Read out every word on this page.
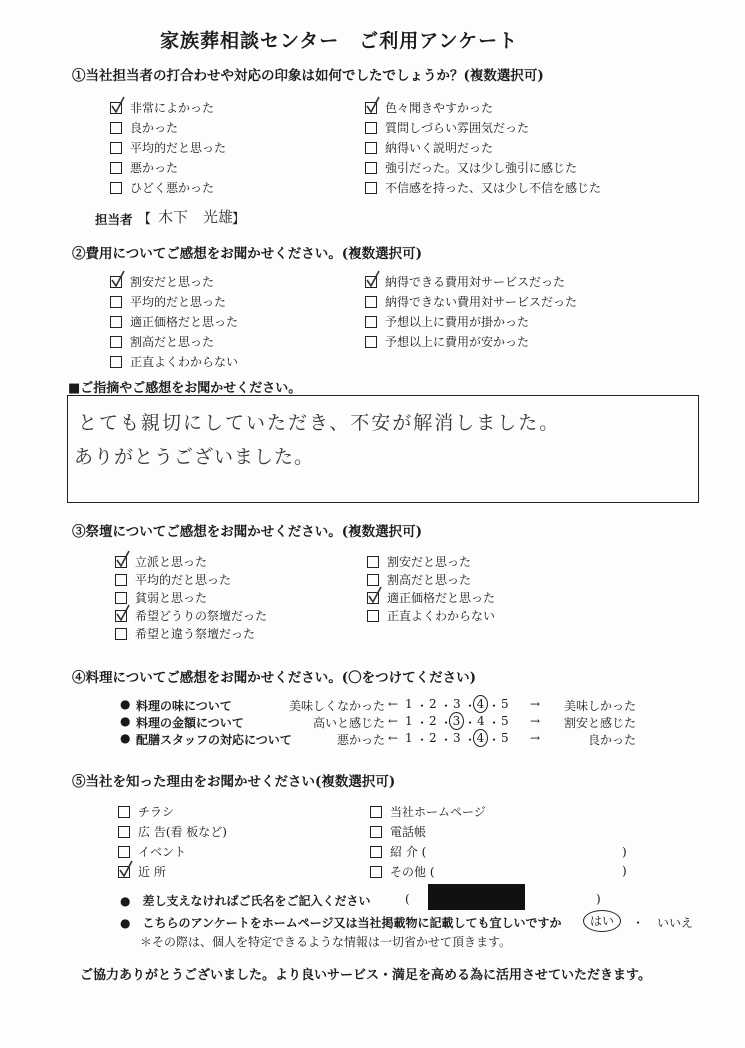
家族葬相談センター　ご利用アンケート
①当社担当者の打合わせや対応の印象は如何でしたでしょうか？(複数選択可)
非常によかった
良かった
平均的だと思った
悪かった
ひどく悪かった
色々聞きやすかった
質問しづらい雰囲気だった
納得いく説明だった
強引だった。又は少し強引に感じた
不信感を持った、又は少し不信を感じた
担当者 【 木下　光雄
】
②費用についてご感想をお聞かせください。(複数選択可)
割安だと思った
平均的だと思った
適正価格だと思った
割高だと思った
正直よくわからない
納得できる費用対サービスだった
納得できない費用対サービスだった
予想以上に費用が掛かった
予想以上に費用が安かった
■ご指摘やご感想をお聞かせください。
とても親切にしていただき、不安が解消しました。
ありがとうございました。
③祭壇についてご感想をお聞かせください。(複数選択可)
立派と思った
平均的だと思った
貧弱と思った
希望どうりの祭壇だった
希望と違う祭壇だった
割安だと思った
割高だと思った
適正価格だと思った
正直よくわからない
④料理についてご感想をお聞かせください。(〇をつけてください)
● 料理の味について	美味しくなかった ← 1 ・ 2 ・ 3 ・ 4 ・ 5 → 美味しかった
● 料理の金額について	高いと感じた ← 1 ・ 2 ・ 3 ・ 4 ・ 5 → 割安と感じた
● 配膳スタッフの対応について	悪かった ← 1 ・ 2 ・ 3 ・ 4 ・ 5 →	良かった
⑤当社を知った理由をお聞かせください(複数選択可)
チラシ
広 告(看 板など)
イベント
近 所
当社ホームページ
電話帳
紹 介 (
その他 (
)
)
●　差し支えなければご氏名をご記入ください	(	)
●　こちらのアンケートをホームページ又は当社掲載物に記載しても宜しいですか	はい	・ いいえ
＊その際は、個人を特定できるような情報は一切省かせて頂きます。
ご協力ありがとうございました。より良いサービス・満足を高める為に活用させていただきます。
